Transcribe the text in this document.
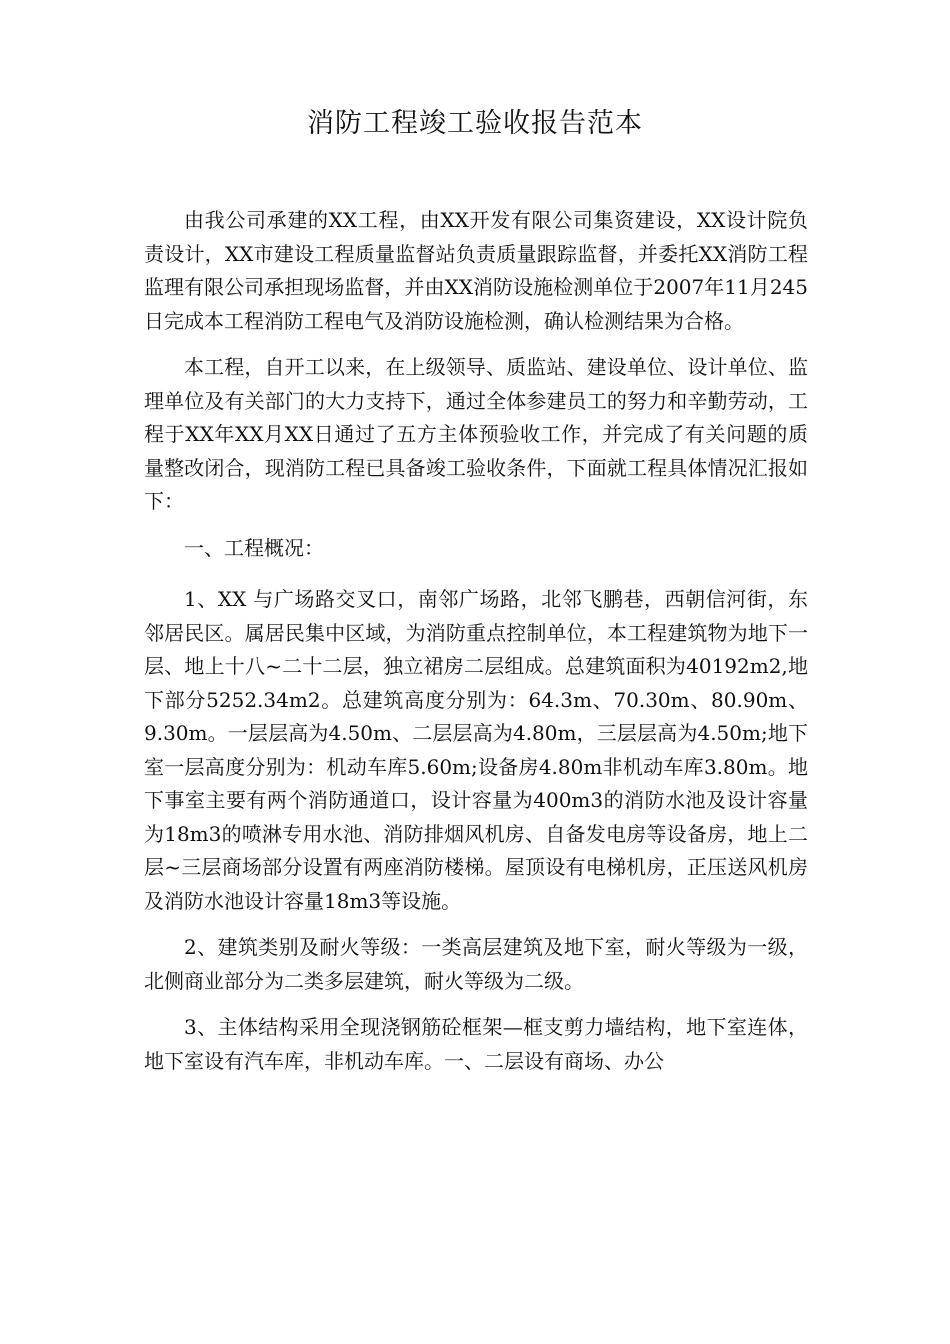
消防工程竣工验收报告范本

由我公司承建的XX工程，由XX开发有限公司集资建设，XX设计院负责设计，XX市建设工程质量监督站负责质量跟踪监督，并委托XX消防工程监理有限公司承担现场监督，并由XX消防设施检测单位于2007年11月245日完成本工程消防工程电气及消防设施检测，确认检测结果为合格。

本工程，自开工以来，在上级领导、质监站、建设单位、设计单位、监理单位及有关部门的大力支持下，通过全体参建员工的努力和辛勤劳动，工程于XX年XX月XX日通过了五方主体预验收工作，并完成了有关问题的质量整改闭合，现消防工程已具备竣工验收条件，下面就工程具体情况汇报如下：

一、工程概况：

1、XX 与广场路交叉口，南邻广场路，北邻飞鹏巷，西朝信河街，东邻居民区。属居民集中区域，为消防重点控制单位，本工程建筑物为地下一层、地上十八~二十二层，独立裙房二层组成。总建筑面积为40192m2,地下部分5252.34m2。总建筑高度分别为：64.3m、70.30m、80.90m、9.30m。一层层高为4.50m、二层层高为4.80m，三层层高为4.50m;地下室一层高度分别为：机动车库5.60m;设备房4.80m非机动车库3.80m。地下事室主要有两个消防通道口，设计容量为400m3的消防水池及设计容量为18m3的喷淋专用水池、消防排烟风机房、自备发电房等设备房，地上二层~三层商场部分设置有两座消防楼梯。屋顶设有电梯机房，正压送风机房及消防水池设计容量18m3等设施。

2、建筑类别及耐火等级：一类高层建筑及地下室，耐火等级为一级，北侧商业部分为二类多层建筑，耐火等级为二级。

3、主体结构采用全现浇钢筋砼框架—框支剪力墙结构，地下室连体，地下室设有汽车库，非机动车库。一、二层设有商场、办公
